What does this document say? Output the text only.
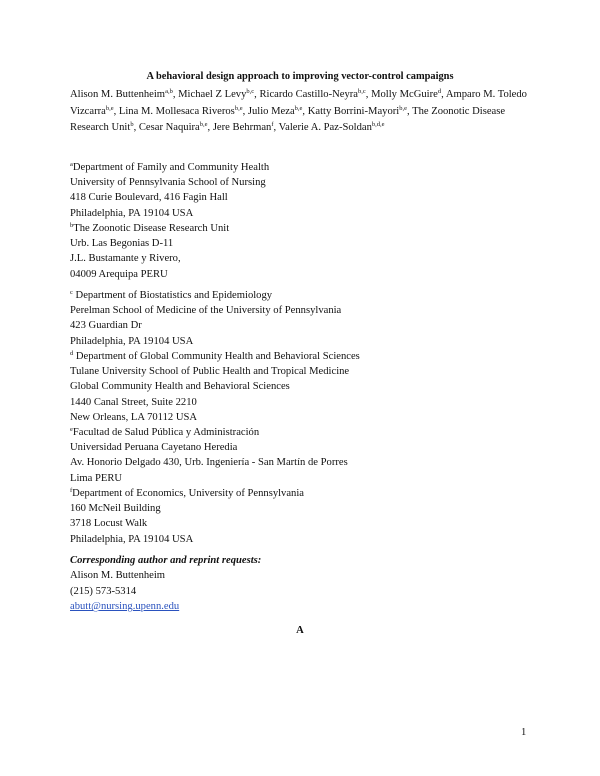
A behavioral design approach to improving vector-control campaigns
Alison M. Buttenheim$^{a,b}$, Michael Z Levy$^{b,c}$, Ricardo Castillo-Neyra$^{b,c}$, Molly McGuire$^d$, Amparo M. Toledo Vizcarra$^{b,e}$, Lina M. Mollesaca Riveros$^{b,e}$, Julio Meza$^{b,e}$, Katty Borrini-Mayori$^{b,e}$, The Zoonotic Disease Research Unit$^b$, Cesar Naquira$^{b,e}$, Jere Behrman$^f$, Valerie A. Paz-Soldan$^{b,d,e}$
$^a$Department of Family and Community Health
University of Pennsylvania School of Nursing
418 Curie Boulevard, 416 Fagin Hall
Philadelphia, PA 19104 USA
$^b$The Zoonotic Disease Research Unit
Urb. Las Begonias D-11
J.L. Bustamante y Rivero,
04009 Arequipa PERU
$^c$ Department of Biostatistics and Epidemiology
Perelman School of Medicine of the University of Pennsylvania
423 Guardian Dr
Philadelphia, PA 19104 USA
$^d$ Department of Global Community Health and Behavioral Sciences
Tulane University School of Public Health and Tropical Medicine
Global Community Health and Behavioral Sciences
1440 Canal Street, Suite 2210
New Orleans, LA 70112 USA
$^e$Facultad de Salud Pública y Administración
Universidad Peruana Cayetano Heredia
Av. Honorio Delgado 430, Urb. Ingeniería - San Martín de Porres
Lima PERU
$^f$Department of Economics, University of Pennsylvania
160 McNeil Building
3718 Locust Walk
Philadelphia, PA 19104 USA
Corresponding author and reprint requests:
Alison M. Buttenheim
(215) 573-5314
abutt@nursing.upenn.edu
A
1
